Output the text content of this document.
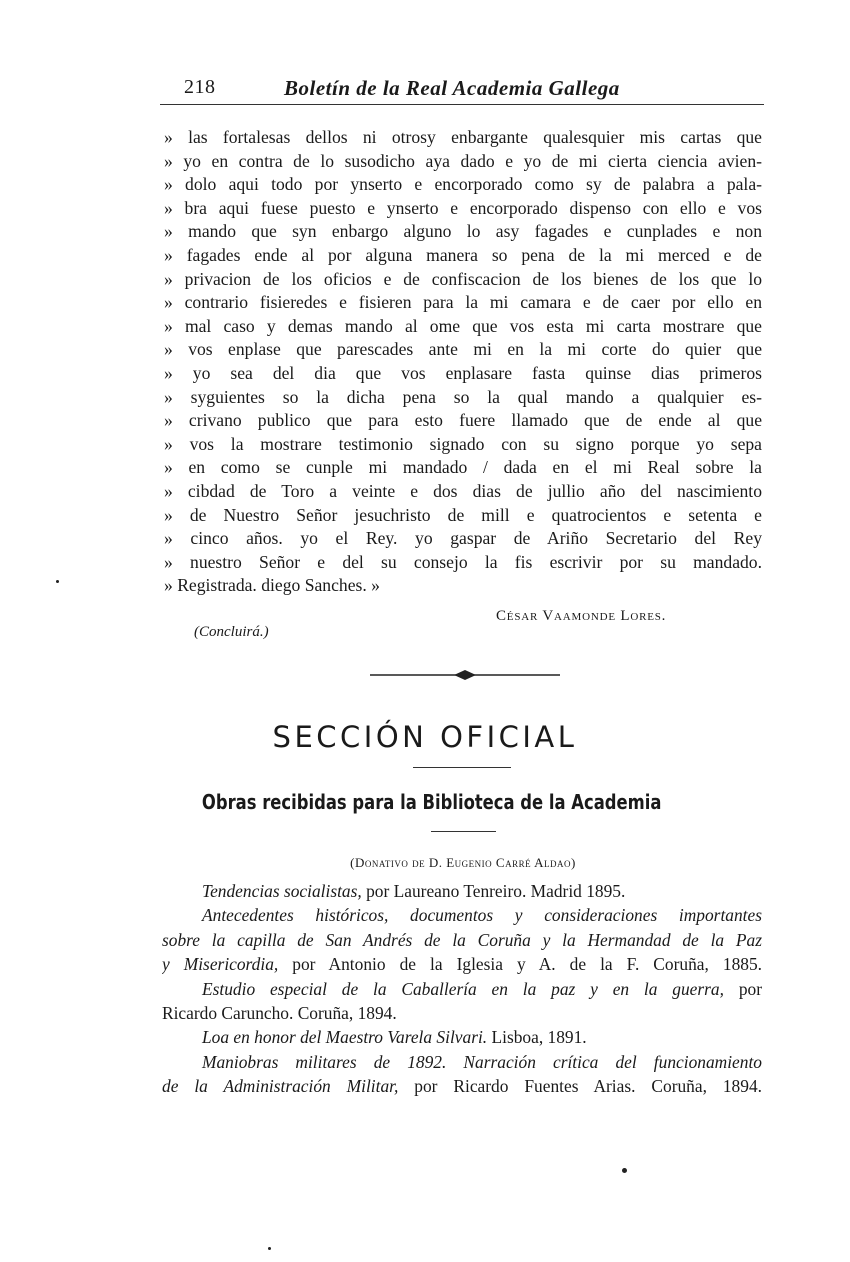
218	Boletín de la Real Academia Gallega
» las fortalesas dellos ni otrosy enbargante qualesquier mis cartas que
» yo en contra de lo susodicho aya dado e yo de mi cierta ciencia avien-
» dolo aqui todo por ynserto e encorporado como sy de palabra a pala-
» bra aqui fuese puesto e ynserto e encorporado dispenso con ello e vos
» mando que syn enbargo alguno lo asy fagades e cunplades e non
» fagades ende al por alguna manera so pena de la mi merced e de
» privacion de los oficios e de confiscacion de los bienes de los que lo
» contrario fisieredes e fisieren para la mi camara e de caer por ello en
» mal caso y demas mando al ome que vos esta mi carta mostrare que
» vos enplase que parescades ante mi en la mi corte do quier que
» yo sea del dia que vos enplasare fasta quinse dias primeros
» syguientes so la dicha pena so la qual mando a qualquier es-
» crivano publico que para esto fuere llamado que de ende al que
» vos la mostrare testimonio signado con su signo porque yo sepa
» en como se cunple mi mandado / dada en el mi Real sobre la
» cibdad de Toro a veinte e dos dias de jullio año del nascimiento
» de Nuestro Señor jesuchristo de mill e quatrocientos e setenta e
» cinco años. yo el Rey. yo gaspar de Ariño Secretario del Rey
» nuestro Señor e del su consejo la fis escrivir por su mandado.
» Registrada. diego Sanches. »
César Vaamonde Lores.
(Concluirá.)
SECCIÓN OFICIAL
Obras recibidas para la Biblioteca de la Academia
(Donativo de D. Eugenio Carré Aldao)
Tendencias socialistas, por Laureano Tenreiro. Madrid 1895.
Antecedentes históricos, documentos y consideraciones importantes
sobre la capilla de San Andrés de la Coruña y la Hermandad de la Paz
y Misericordia, por Antonio de la Iglesia y A. de la F. Coruña, 1885.
Estudio especial de la Caballería en la paz y en la guerra, por
Ricardo Caruncho. Coruña, 1894.
Loa en honor del Maestro Varela Silvari. Lisboa, 1891.
Maniobras militares de 1892. Narración crítica del funcionamiento
de la Administración Militar, por Ricardo Fuentes Arias. Coruña, 1894.
